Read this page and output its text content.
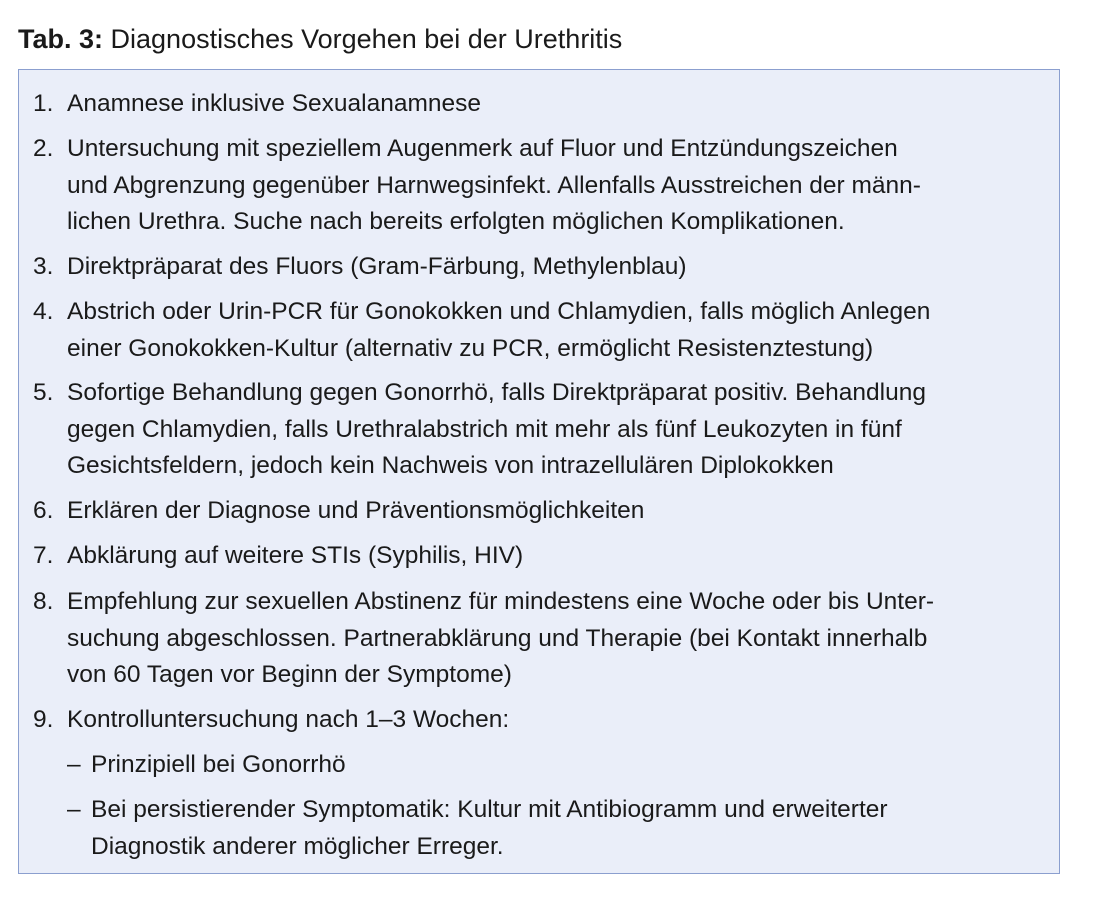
Tab. 3: Diagnostisches Vorgehen bei der Urethritis
1. Anamnese inklusive Sexualanamnese
2. Untersuchung mit speziellem Augenmerk auf Fluor und Entzündungszeichen
und Abgrenzung gegenüber Harnwegsinfekt. Allenfalls Ausstreichen der männ-
lichen Urethra. Suche nach bereits erfolgten möglichen Komplikationen.
3. Direktpräparat des Fluors (Gram-Färbung, Methylenblau)
4. Abstrich oder Urin-PCR für Gonokokken und Chlamydien, falls möglich Anlegen
einer Gonokokken-Kultur (alternativ zu PCR, ermöglicht Resistenztestung)
5. Sofortige Behandlung gegen Gonorrhö, falls Direktpräparat positiv. Behandlung
gegen Chlamydien, falls Urethralabstrich mit mehr als fünf Leukozyten in fünf
Gesichtsfeldern, jedoch kein Nachweis von intrazellulären Diplokokken
6. Erklären der Diagnose und Präventionsmöglichkeiten
7. Abklärung auf weitere STIs (Syphilis, HIV)
8. Empfehlung zur sexuellen Abstinenz für mindestens eine Woche oder bis Unter-
suchung abgeschlossen. Partnerabklärung und Therapie (bei Kontakt innerhalb
von 60 Tagen vor Beginn der Symptome)
9. Kontrolluntersuchung nach 1–3 Wochen:
– Prinzipiell bei Gonorrhö
– Bei persistierender Symptomatik: Kultur mit Antibiogramm und erweiterter
Diagnostik anderer möglicher Erreger.
